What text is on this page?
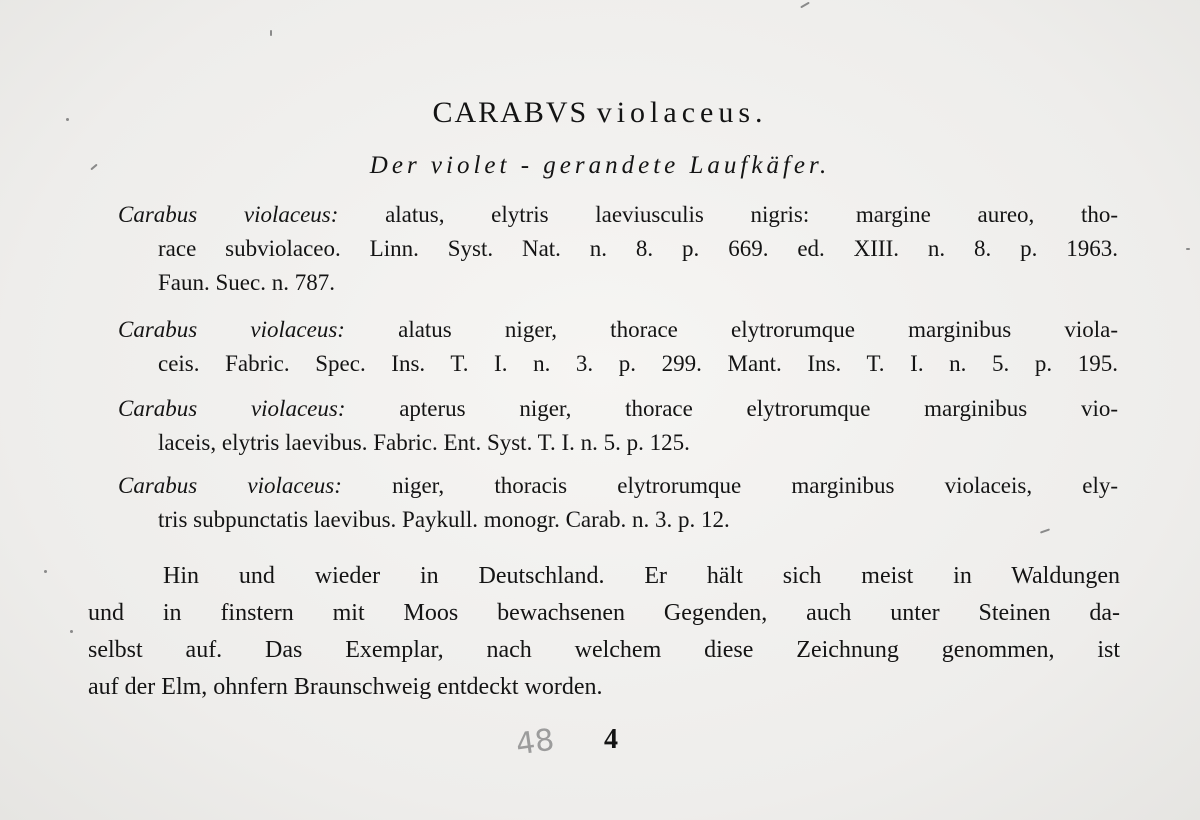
CARABVS violaceus.
Der violet - gerandete Laufkäfer.
Carabus violaceus: alatus, elytris laeviusculis nigris: margine aureo, tho-
race subviolaceo. Linn. Syst. Nat. n. 8. p. 669. ed. XIII. n. 8. p. 1963.
Faun. Suec. n. 787.
Carabus violaceus: alatus niger, thorace elytrorumque marginibus viola-
ceis. Fabric. Spec. Ins. T. I. n. 3. p. 299. Mant. Ins. T. I. n. 5. p. 195.
Carabus violaceus: apterus niger, thorace elytrorumque marginibus vio-
laceis, elytris laevibus. Fabric. Ent. Syst. T. I. n. 5. p. 125.
Carabus violaceus: niger, thoracis elytrorumque marginibus violaceis, ely-
tris subpunctatis laevibus. Paykull. monogr. Carab. n. 3. p. 12.
Hin und wieder in Deutschland. Er hält sich meist in Waldungen
und in finstern mit Moos bewachsenen Gegenden, auch unter Steinen da-
selbst auf. Das Exemplar, nach welchem diese Zeichnung genommen, ist
auf der Elm, ohnfern Braunschweig entdeckt worden.
48 4
